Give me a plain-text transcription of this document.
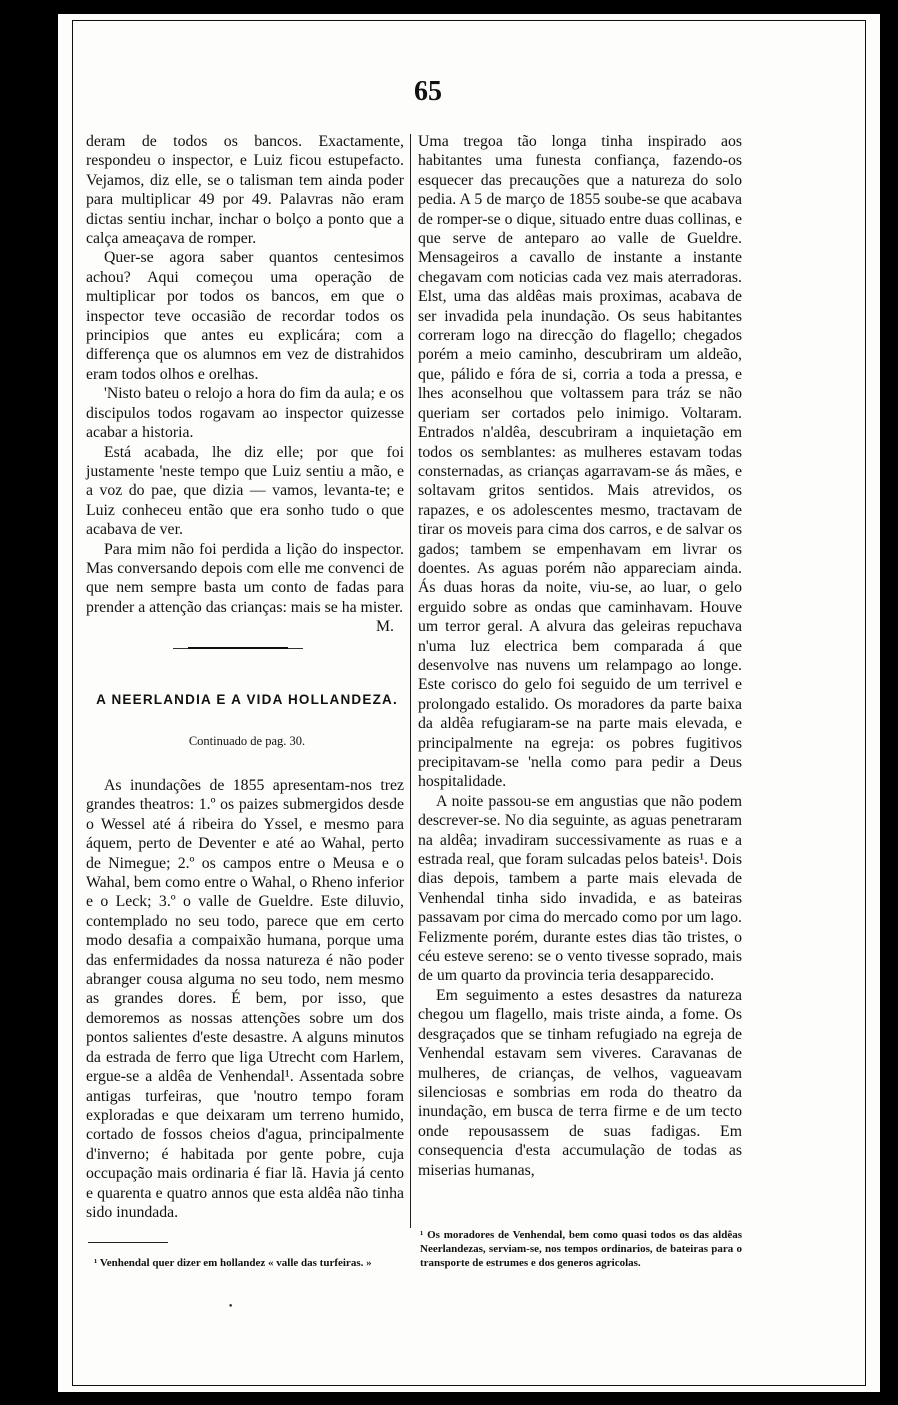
65

deram de todos os bancos. Exactamente, respondeu o inspector, e Luiz ficou estupefacto. Vejamos, diz elle, se o talisman tem ainda poder para multiplicar 49 por 49. Palavras não eram dictas sentiu inchar, inchar o bolço a ponto que a calça ameaçava de romper.

Quer-se agora saber quantos centesimos achou? Aqui começou uma operação de multiplicar por todos os bancos, em que o inspector teve occasião de recordar todos os principios que antes eu explicára; com a differença que os alumnos em vez de distrahidos eram todos olhos e orelhas.

'Nisto bateu o relojo a hora do fim da aula; e os discipulos todos rogavam ao inspector quizesse acabar a historia.

Está acabada, lhe diz elle; por que foi justamente 'neste tempo que Luiz sentiu a mão, e a voz do pae, que dizia — vamos, levanta-te; e Luiz conheceu então que era sonho tudo o que acabava de ver.

Para mim não foi perdida a lição do inspector. Mas conversando depois com elle me convenci de que nem sempre basta um conto de fadas para prender a attenção das crianças: mais se ha mister.
M.

A NEERLANDIA E A VIDA HOLLANDEZA.
Continuado de pag. 30.

As inundações de 1855 apresentam-nos trez grandes theatros: 1.º os paizes submergidos desde o Wessel até á ribeira do Yssel, e mesmo para áquem, perto de Deventer e até ao Wahal, perto de Nimegue; 2.º os campos entre o Meusa e o Wahal, bem como entre o Wahal, o Rheno inferior e o Leck; 3.º o valle de Gueldre. Este diluvio, contemplado no seu todo, parece que em certo modo desafia a compaixão humana, porque uma das enfermidades da nossa natureza é não poder abranger cousa alguma no seu todo, nem mesmo as grandes dores. É bem, por isso, que demoremos as nossas attenções sobre um dos pontos salientes d'este desastre. A alguns minutos da estrada de ferro que liga Utrecht com Harlem, ergue-se a aldêa de Venhendal¹. Assentada sobre antigas turfeiras, que 'noutro tempo foram exploradas e que deixaram um terreno humido, cortado de fossos cheios d'agua, principalmente d'inverno; é habitada por gente pobre, cuja occupação mais ordinaria é fiar lã. Havia já cento e quarenta e quatro annos que esta aldêa não tinha sido inundada.

¹ Venhendal quer dizer em hollandez « valle das turfeiras. »
•

Uma tregoa tão longa tinha inspirado aos habitantes uma funesta confiança, fazendo-os esquecer das precauções que a natureza do solo pedia. A 5 de março de 1855 soube-se que acabava de romper-se o dique, situado entre duas collinas, e que serve de anteparo ao valle de Gueldre. Mensageiros a cavallo de instante a instante chegavam com noticias cada vez mais aterradoras. Elst, uma das aldêas mais proximas, acabava de ser invadida pela inundação. Os seus habitantes correram logo na direcção do flagello; chegados porém a meio caminho, descubriram um aldeão, que, pálido e fóra de si, corria a toda a pressa, e lhes aconselhou que voltassem para tráz se não queriam ser cortados pelo inimigo. Voltaram. Entrados n'aldêa, descubriram a inquietação em todos os semblantes: as mulheres estavam todas consternadas, as crianças agarravam-se ás mães, e soltavam gritos sentidos. Mais atrevidos, os rapazes, e os adolescentes mesmo, tractavam de tirar os moveis para cima dos carros, e de salvar os gados; tambem se empenhavam em livrar os doentes. As aguas porém não appareciam ainda. Ás duas horas da noite, viu-se, ao luar, o gelo erguido sobre as ondas que caminhavam. Houve um terror geral. A alvura das geleiras repuchava n'uma luz electrica bem comparada á que desenvolve nas nuvens um relampago ao longe. Este corisco do gelo foi seguido de um terrivel e prolongado estalido. Os moradores da parte baixa da aldêa refugiaram-se na parte mais elevada, e principalmente na egreja: os pobres fugitivos precipitavam-se 'nella como para pedir a Deus hospitalidade.

A noite passou-se em angustias que não podem descrever-se. No dia seguinte, as aguas penetraram na aldêa; invadiram successivamente as ruas e a estrada real, que foram sulcadas pelos bateis¹. Dois dias depois, tambem a parte mais elevada de Venhendal tinha sido invadida, e as bateiras passavam por cima do mercado como por um lago. Felizmente porém, durante estes dias tão tristes, o céu esteve sereno: se o vento tivesse soprado, mais de um quarto da provincia teria desapparecido.

Em seguimento a estes desastres da natureza chegou um flagello, mais triste ainda, a fome. Os desgraçados que se tinham refugiado na egreja de Venhendal estavam sem viveres. Caravanas de mulheres, de crianças, de velhos, vagueavam silenciosas e sombrias em roda do theatro da inundação, em busca de terra firme e de um tecto onde repousassem de suas fadigas. Em consequencia d'esta accumulação de todas as miserias humanas,

¹ Os moradores de Venhendal, bem como quasi todos os das aldêas Neerlandezas, serviam-se, nos tempos ordinarios, de bateiras para o transporte de estrumes e dos generos agricolas.
